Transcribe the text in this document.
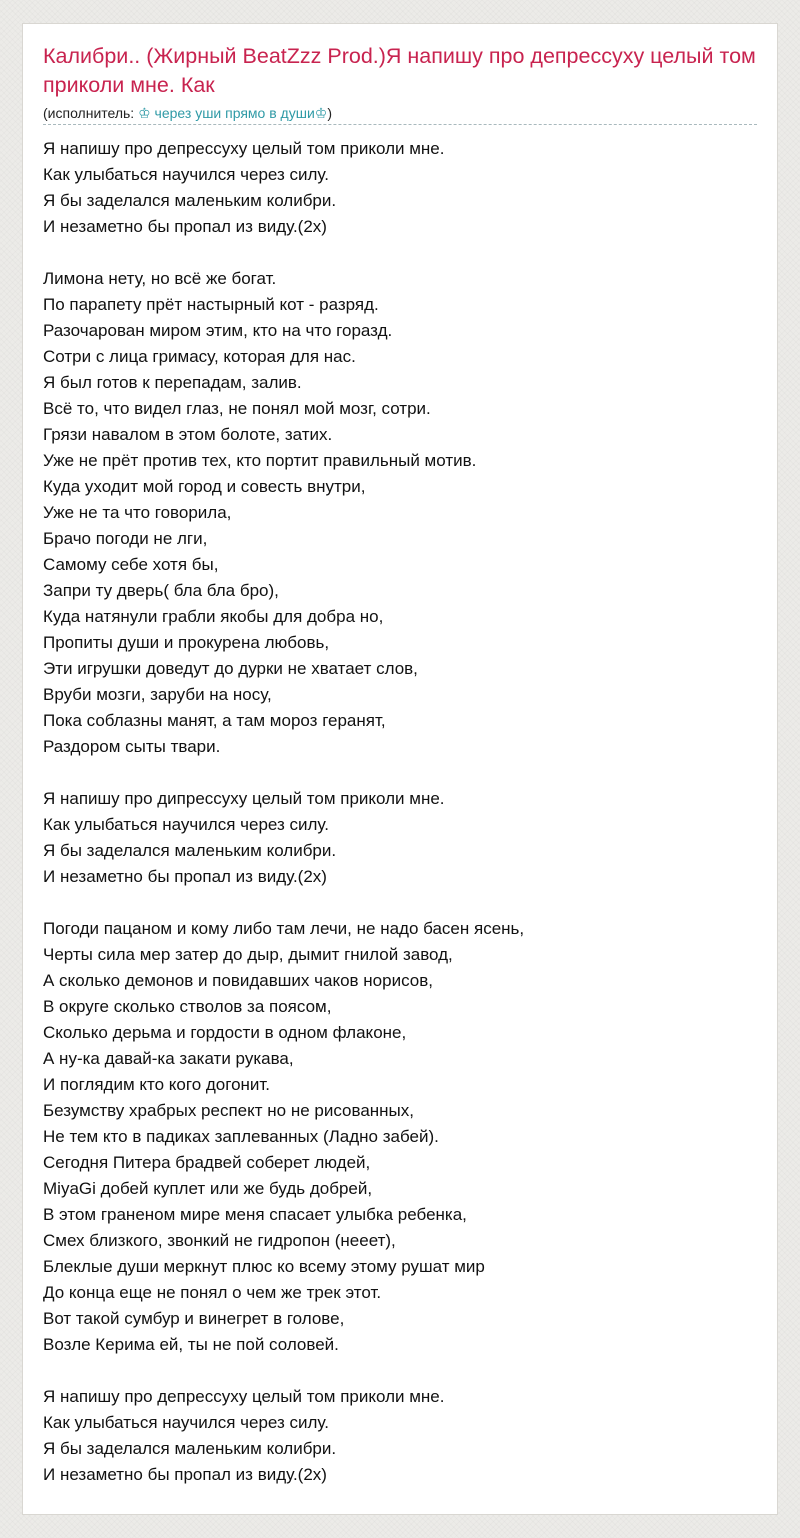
Калибри.. (Жирный BeatZzz Prod.)Я напишу про депрессуху целый том приколи мне. Как
(исполнитель: ♔ через уши прямо в души♔)
Я напишу про депрессуху целый том приколи мне.
Как улыбаться научился через силу.
Я бы заделался маленьким колибри.
И незаметно бы пропал из виду.(2х)
Лимона нету, но всё же богат.
По парапету прёт настырный кот - разряд.
Разочарован миром этим, кто на что горазд.
Сотри с лица гримасу, которая для нас.
Я был готов к перепадам, залив.
Всё то, что видел глаз, не понял мой мозг, сотри.
Грязи навалом в этом болоте, затих.
Уже не прёт против тех, кто портит правильный мотив.
Куда уходит мой город и совесть внутри,
Уже не та что говорила,
Брачо погоди не лги,
Самому себе хотя бы,
Запри ту дверь( бла бла бро),
Куда натянули грабли якобы для добра но,
Пропиты души и прокурена любовь,
Эти игрушки доведут до дурки не хватает слов,
Вруби мозги, заруби на носу,
Пока соблазны манят, а там мороз геранят,
Раздором сыты твари.
Я напишу про дипрессуху целый том приколи мне.
Как улыбаться научился через силу.
Я бы заделался маленьким колибри.
И незаметно бы пропал из виду.(2х)
Погоди пацаном и кому либо там лечи, не надо басен ясень,
Черты сила мер затер до дыр, дымит гнилой завод,
А сколько демонов и повидавших чаков норисов,
В округе сколько стволов за поясом,
Сколько дерьма и гордости в одном флаконе,
А ну-ка давай-ка закати рукава,
И поглядим кто кого догонит.
Безумству храбрых респект но не рисованных,
Не тем кто в падиках заплеванных (Ладно забей).
Сегодня Питера брадвей соберет людей,
MiyaGi добей куплет или же будь добрей,
В этом граненом мире меня спасает улыбка ребенка,
Смех близкого, звонкий не гидропон (нееет),
Блеклые души меркнут плюс ко всему этому рушат мир
До конца еще не понял о чем же трек этот.
Вот такой сумбур и винегрет в голове,
Возле Керима ей, ты не пой соловей.
Я напишу про депрессуху целый том приколи мне.
Как улыбаться научился через силу.
Я бы заделался маленьким колибри.
И незаметно бы пропал из виду.(2х)
